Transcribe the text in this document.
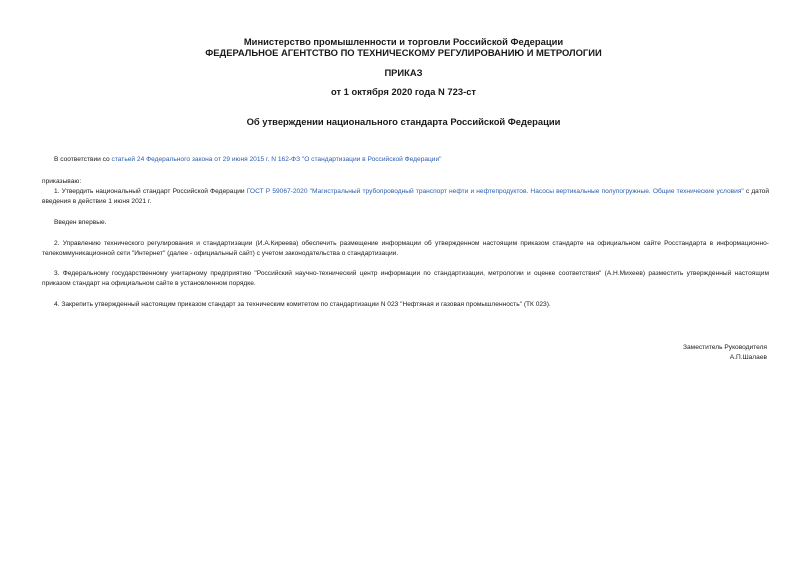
Министерство промышленности и торговли Российской Федерации
ФЕДЕРАЛЬНОЕ АГЕНТСТВО ПО ТЕХНИЧЕСКОМУ РЕГУЛИРОВАНИЮ И МЕТРОЛОГИИ
ПРИКАЗ
от 1 октября 2020 года N 723-ст
Об утверждении национального стандарта Российской Федерации
В соответствии со статьей 24 Федерального закона от 29 июня 2015 г. N 162-ФЗ "О стандартизации в Российской Федерации"
приказываю:
1. Утвердить национальный стандарт Российской Федерации ГОСТ Р 59067-2020 "Магистральный трубопроводный транспорт нефти и нефтепродуктов. Насосы вертикальные полупогружные. Общие технические условия" с датой введения в действие 1 июня 2021 г.
Введен впервые.
2. Управлению технического регулирования и стандартизации (И.А.Киреева) обеспечить размещение информации об утвержденном настоящим приказом стандарте на официальном сайте Росстандарта в информационно-телекоммуникационной сети "Интернет" (далее - официальный сайт) с учетом законодательства о стандартизации.
3. Федеральному государственному унитарному предприятию "Российский научно-технический центр информации по стандартизации, метрологии и оценке соответствия" (А.Н.Михеев) разместить утвержденный настоящим приказом стандарт на официальном сайте в установленном порядке.
4. Закрепить утвержденный настоящим приказом стандарт за техническим комитетом по стандартизации N 023 "Нефтяная и газовая промышленность" (ТК 023).
Заместитель Руководителя
А.П.Шалаев
